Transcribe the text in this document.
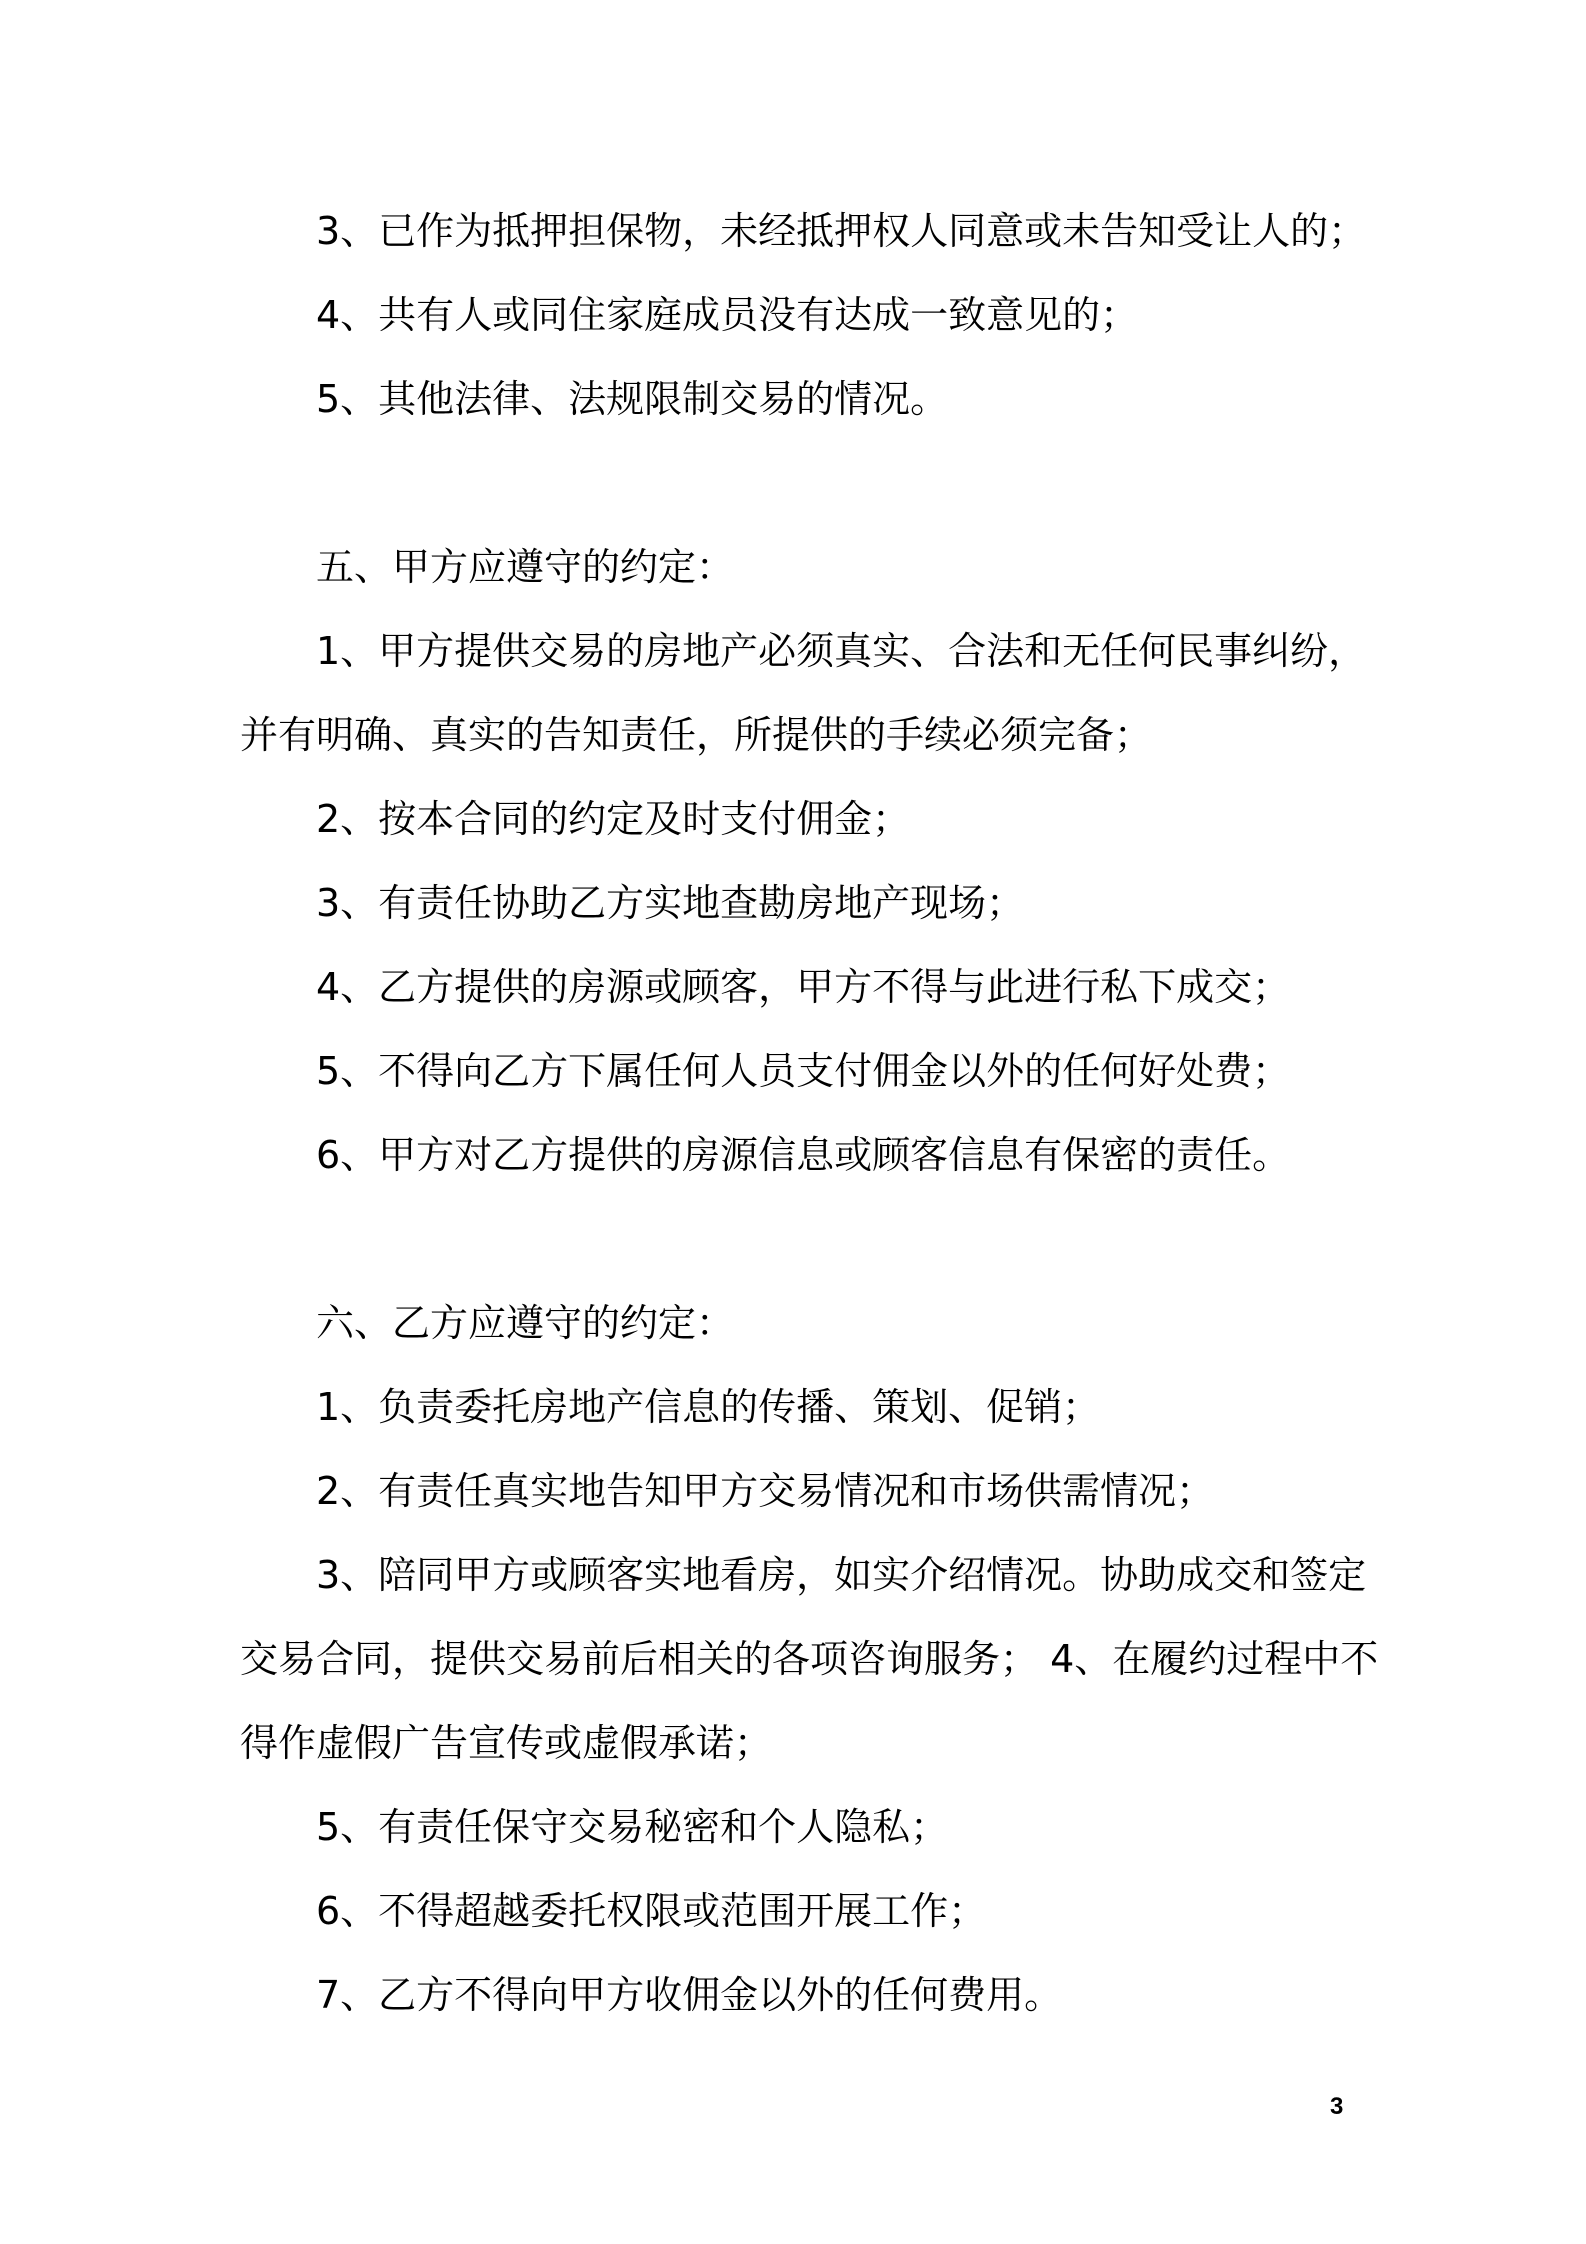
3、已作为抵押担保物，未经抵押权人同意或未告知受让人的；
4、共有人或同住家庭成员没有达成一致意见的；
5、其他法律、法规限制交易的情况。
五、甲方应遵守的约定：
1、甲方提供交易的房地产必须真实、合法和无任何民事纠纷，
并有明确、真实的告知责任，所提供的手续必须完备；
2、按本合同的约定及时支付佣金；
3、有责任协助乙方实地查勘房地产现场；
4、乙方提供的房源或顾客，甲方不得与此进行私下成交；
5、不得向乙方下属任何人员支付佣金以外的任何好处费；
6、甲方对乙方提供的房源信息或顾客信息有保密的责任。
六、乙方应遵守的约定：
1、负责委托房地产信息的传播、策划、促销；
2、有责任真实地告知甲方交易情况和市场供需情况；
3、陪同甲方或顾客实地看房，如实介绍情况。协助成交和签定
交易合同，提供交易前后相关的各项咨询服务； 4、在履约过程中不
得作虚假广告宣传或虚假承诺；
5、有责任保守交易秘密和个人隐私；
6、不得超越委托权限或范围开展工作；
7、乙方不得向甲方收佣金以外的任何费用。
3
